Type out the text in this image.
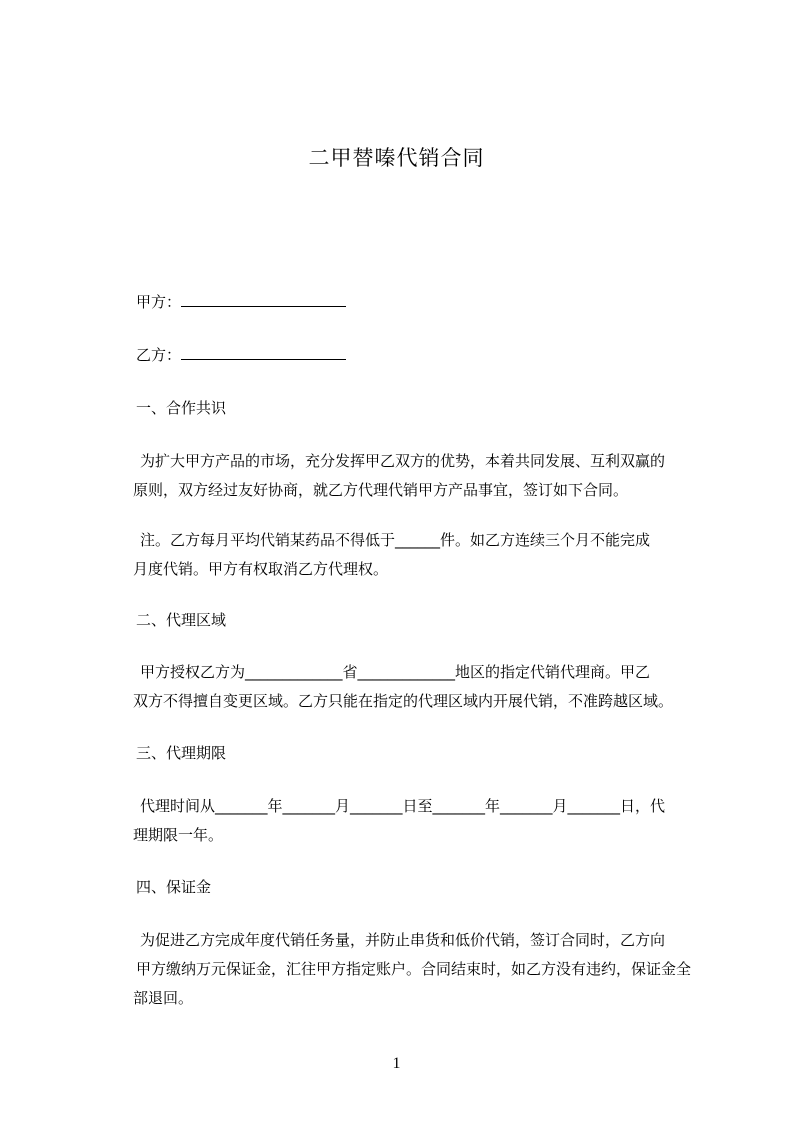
二甲替嗪代销合同
甲方：
乙方：
一、合作共识
为扩大甲方产品的市场，充分发挥甲乙双方的优势，本着共同发展、互利双赢的
原则，双方经过友好协商，就乙方代理代销甲方产品事宜，签订如下合同。
注。乙方每月平均代销某药品不得低于______件。如乙方连续三个月不能完成
月度代销。甲方有权取消乙方代理权。
二、代理区域
甲方授权乙方为_____________省_____________地区的指定代销代理商。甲乙
双方不得擅自变更区域。乙方只能在指定的代理区域内开展代销，不准跨越区域。
三、代理期限
代理时间从_______年_______月_______日至_______年_______月_______日，代
理期限一年。
四、保证金
为促进乙方完成年度代销任务量，并防止串货和低价代销，签订合同时，乙方向
甲方缴纳万元保证金，汇往甲方指定账户。合同结束时，如乙方没有违约，保证金全
部退回。
1
